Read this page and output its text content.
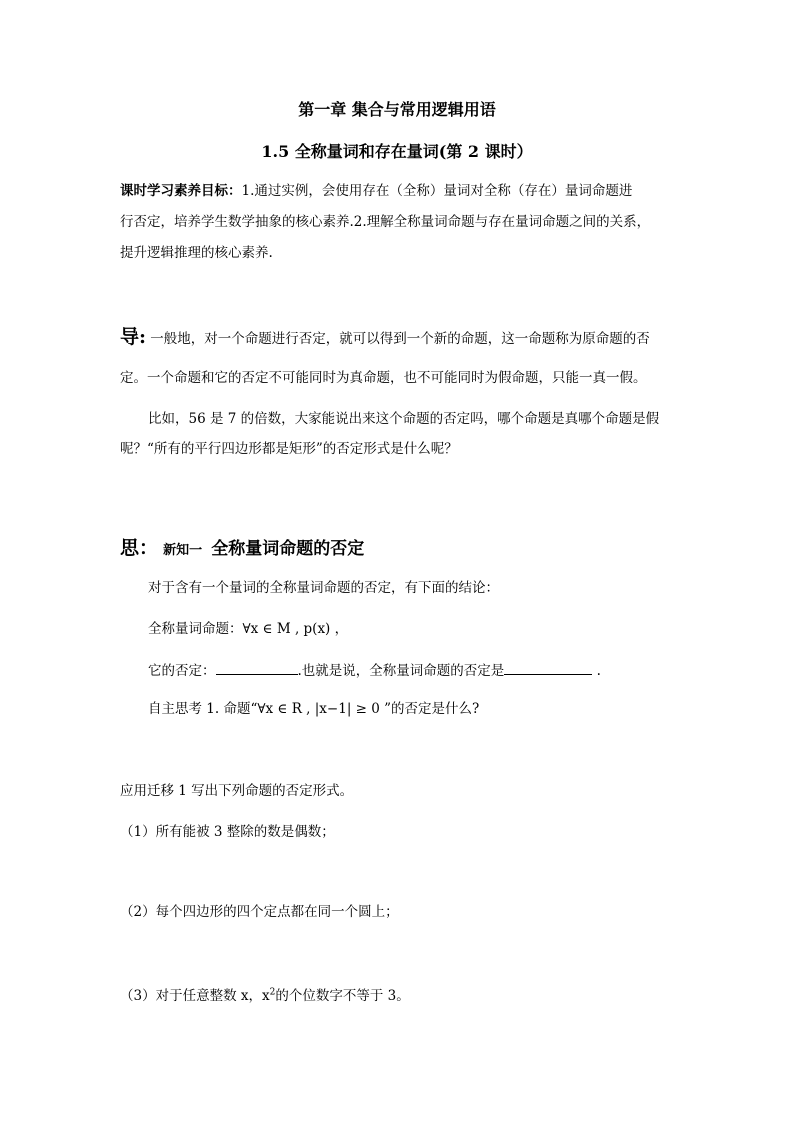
第一章 集合与常用逻辑用语
1.5 全称量词和存在量词(第 2 课时）
课时学习素养目标：1.通过实例，会使用存在（全称）量词对全称（存在）量词命题进
行否定，培养学生数学抽象的核心素养.2.理解全称量词命题与存在量词命题之间的关系，
提升逻辑推理的核心素养.
导: 一般地，对一个命题进行否定，就可以得到一个新的命题，这一命题称为原命题的否
定。一个命题和它的否定不可能同时为真命题，也不可能同时为假命题，只能一真一假。
比如，56 是 7 的倍数，大家能说出来这个命题的否定吗，哪个命题是真哪个命题是假
呢？“所有的平行四边形都是矩形”的否定形式是什么呢？
思： 新知一 全称量词命题的否定
对于含有一个量词的全称量词命题的否定，有下面的结论：
全称量词命题：∀x ∈ M , p(x) ，
它的否定：	.也就是说，全称量词命题的否定是	.
自主思考 1. 命题“∀x ∈ R , |x−1| ≥ 0 ”的否定是什么?
应用迁移 1 写出下列命题的否定形式。
（1）所有能被 3 整除的数是偶数；
（2）每个四边形的四个定点都在同一个圆上；
（3）对于任意整数 x，$x^2$的个位数字不等于 3。
